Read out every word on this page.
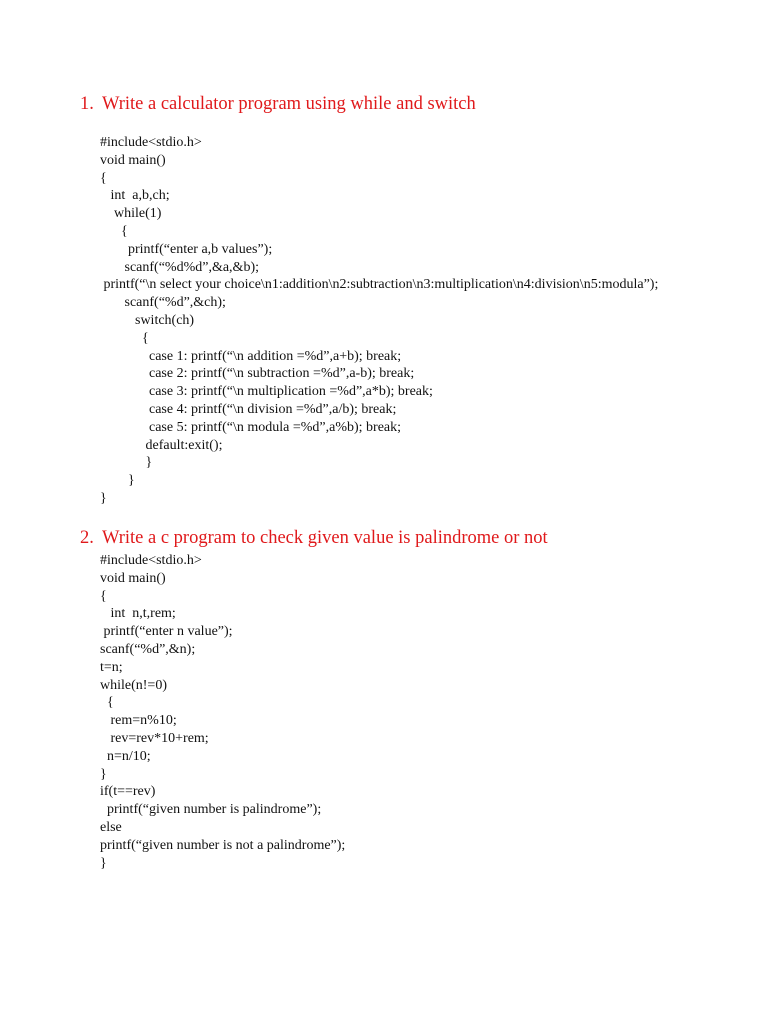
1. Write a calculator program using while and switch
#include<stdio.h>
void main()
{
int  a,b,ch;
while(1)
{
printf(“enter a,b values”);
scanf(“%d%d”,&a,&b);
printf(“\n select your choice\n1:addition\n2:subtraction\n3:multiplication\n4:division\n5:modula”);
scanf(“%d”,&ch);
switch(ch)
{
case 1: printf(“\n addition =%d”,a+b); break;
case 2: printf(“\n subtraction =%d”,a-b); break;
case 3: printf(“\n multiplication =%d”,a*b); break;
case 4: printf(“\n division =%d”,a/b); break;
case 5: printf(“\n modula =%d”,a%b); break;
default:exit();
}
}
}
2. Write a c program to check given value is palindrome or not
#include<stdio.h>
void main()
{
int  n,t,rem;
printf(“enter n value”);
scanf(“%d”,&n);
t=n;
while(n!=0)
{
rem=n%10;
rev=rev*10+rem;
n=n/10;
}
if(t==rev)
printf(“given number is palindrome”);
else
printf(“given number is not a palindrome”);
}
